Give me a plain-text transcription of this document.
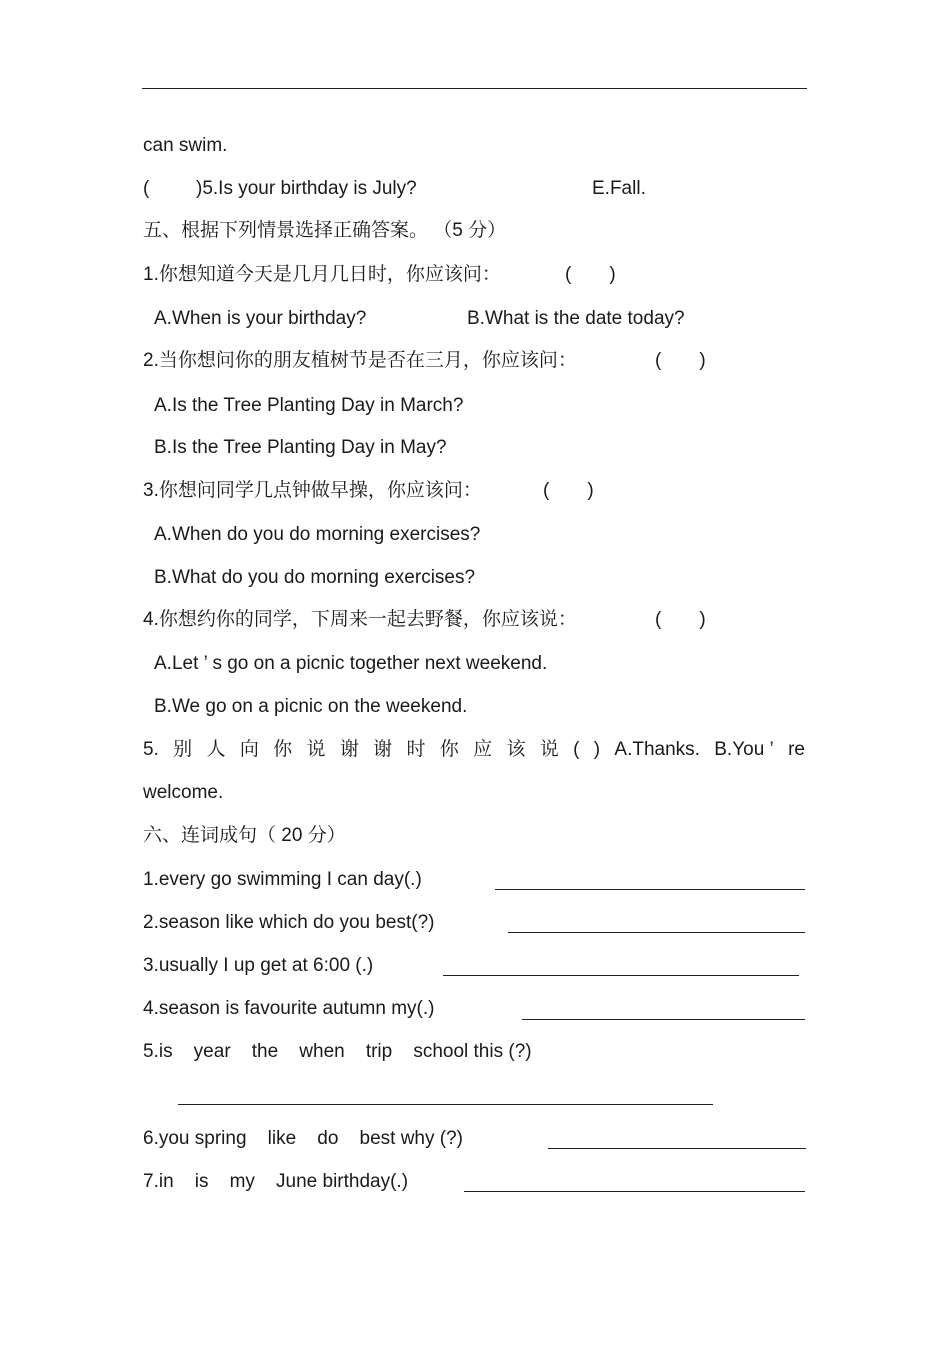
can swim.
( )5.Is your birthday is July?	E.Fall.
五、根据下列情景选择正确答案。 （5 分）
1.你想知道今天是几月几日时，你应该问：	(　　)
A.When is your birthday?	B.What is the date today?
2.当你想问你的朋友植树节是否在三月，你应该问：	(　　)
A.Is the Tree Planting Day in March?
B.Is the Tree Planting Day in May?
3.你想问同学几点钟做早操，你应该问：	(　　)
A.When do you do morning exercises?
B.What do you do morning exercises?
4.你想约你的同学，下周来一起去野餐，你应该说：	(　　)
A.Let ’ s go on a picnic together next weekend.
B.We go on a picnic on the weekend.
5. 别 人 向 你 说 谢 谢 时 你 应 该 说 ( ) A.Thanks. B.You ’ re
welcome.
六、连词成句（ 20 分）
1.every go swimming I can day(.)
2.season like which do you best(?)
3.usually I up get at 6:00 (.)
4.season is favourite autumn my(.)
5.is    year    the    when    trip    school this (?)
6.you spring    like    do    best why (?)
7.in    is    my    June birthday(.)
